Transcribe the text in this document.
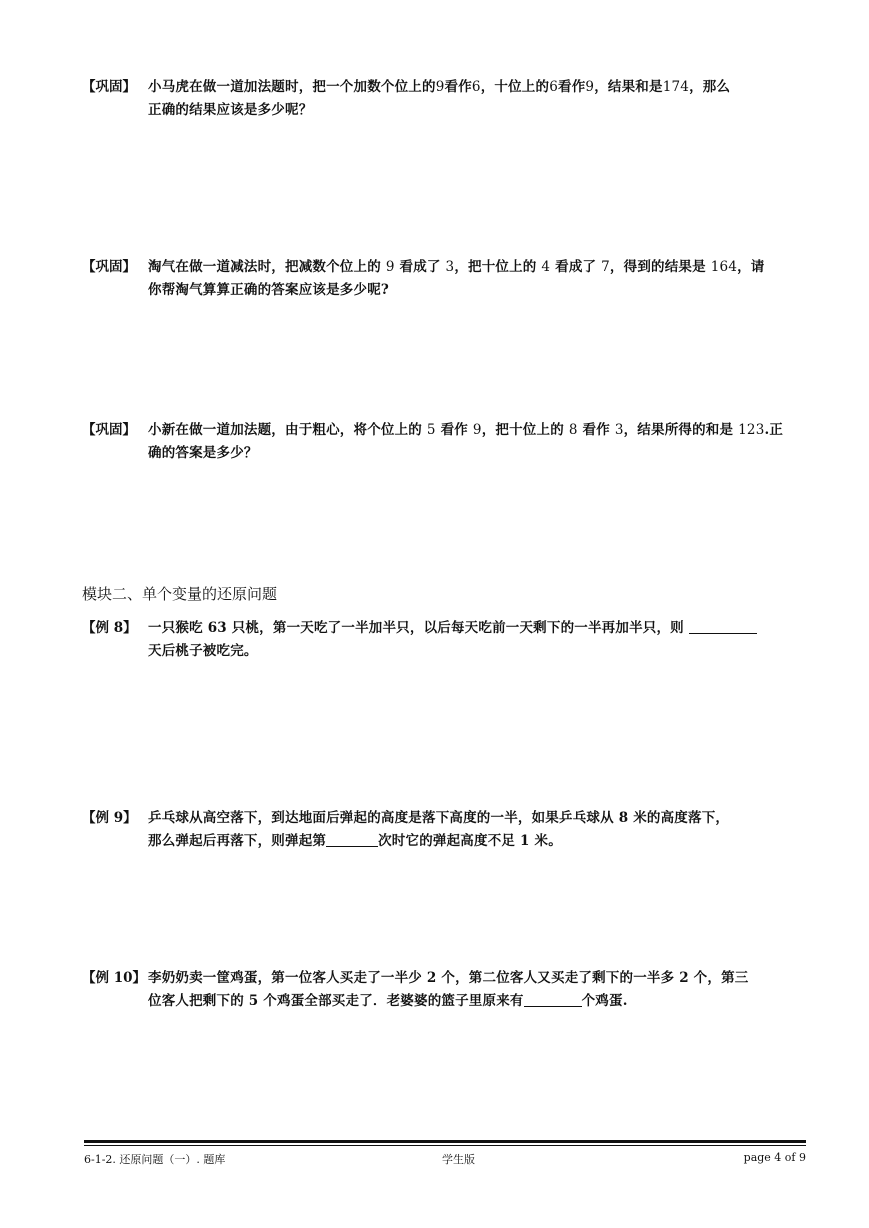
【巩固】 小马虎在做一道加法题时，把一个加数个位上的9看作6，十位上的6看作9，结果和是174，那么
正确的结果应该是多少呢？
【巩固】 淘气在做一道减法时，把减数个位上的 9 看成了 3，把十位上的 4 看成了 7，得到的结果是 164，请
你帮淘气算算正确的答案应该是多少呢?
【巩固】 小新在做一道加法题，由于粗心，将个位上的 5 看作 9，把十位上的 8 看作 3，结果所得的和是 123.正
确的答案是多少？
模块二、单个变量的还原问题
【例 8】 一只猴吃 63 只桃，第一天吃了一半加半只，以后每天吃前一天剩下的一半再加半只，则
天后桃子被吃完。
【例 9】 乒乓球从高空落下，到达地面后弹起的高度是落下高度的一半，如果乒乓球从 8 米的高度落下，
那么弹起后再落下，则弹起第	次时它的弹起高度不足 1 米。
【例 10】 李奶奶卖一筐鸡蛋，第一位客人买走了一半少 2 个，第二位客人又买走了剩下的一半多 2 个，第三
位客人把剩下的 5 个鸡蛋全部买走了．老婆婆的篮子里原来有	个鸡蛋.
6-1-2. 还原问题（一）. 题库	学生版	page 4 of 9
